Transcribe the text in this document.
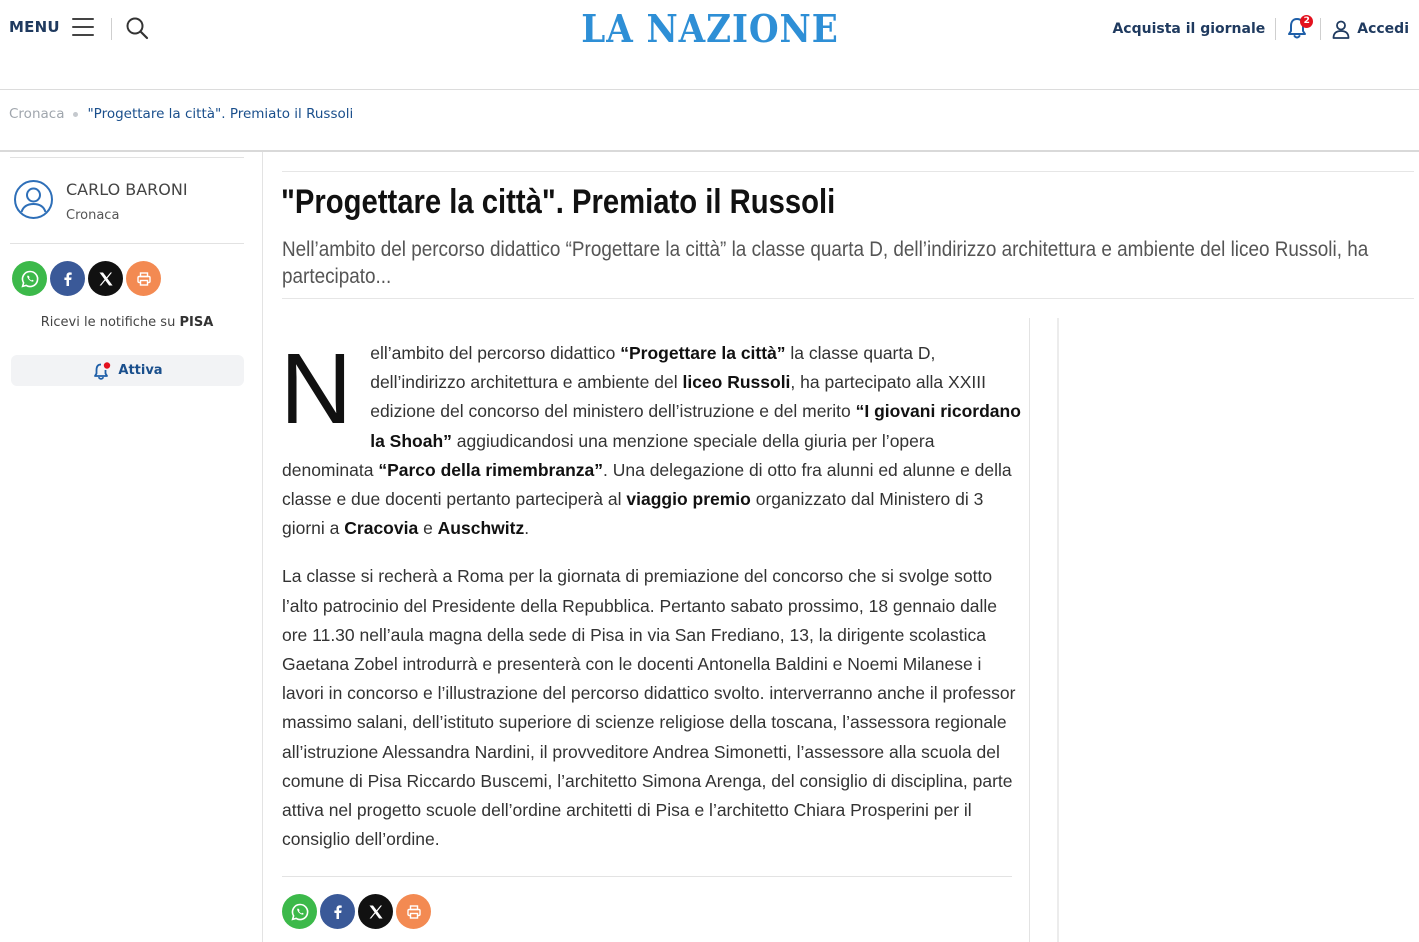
MENU	LA NAZIONE	Acquista il giornale	2	Accedi
Cronaca "Progettare la città". Premiato il Russoli
CARLO BARONI
Cronaca
Ricevi le notifiche su PISA
Attiva
"Progettare la città". Premiato il Russoli
Nell’ambito del percorso didattico “Progettare la città” la classe quarta D, dell’indirizzo architettura e ambiente del liceo Russoli, ha partecipato...

N ell’ambito del percorso didattico “Progettare la città” la classe quarta D, dell’indirizzo architettura e ambiente del liceo Russoli, ha partecipato alla XXIII edizione del concorso del ministero dell’istruzione e del merito “I giovani ricordano la Shoah” aggiudicandosi una menzione speciale della giuria per l’opera denominata “Parco della rimembranza”. Una delegazione di otto fra alunni ed alunne e della classe e due docenti pertanto parteciperà al viaggio premio organizzato dal Ministero di 3 giorni a Cracovia e Auschwitz.

La classe si recherà a Roma per la giornata di premiazione del concorso che si svolge sotto l’alto patrocinio del Presidente della Repubblica. Pertanto sabato prossimo, 18 gennaio dalle ore 11.30 nell’aula magna della sede di Pisa in via San Frediano, 13, la dirigente scolastica Gaetana Zobel introdurrà e presenterà con le docenti Antonella Baldini e Noemi Milanese i lavori in concorso e l’illustrazione del percorso didattico svolto. interverranno anche il professor massimo salani, dell’istituto superiore di scienze religiose della toscana, l’assessora regionale all’istruzione Alessandra Nardini, il provveditore Andrea Simonetti, l’assessore alla scuola del comune di Pisa Riccardo Buscemi, l’architetto Simona Arenga, del consiglio di disciplina, parte attiva nel progetto scuole dell’ordine architetti di Pisa e l’architetto Chiara Prosperini per il consiglio dell’ordine.
